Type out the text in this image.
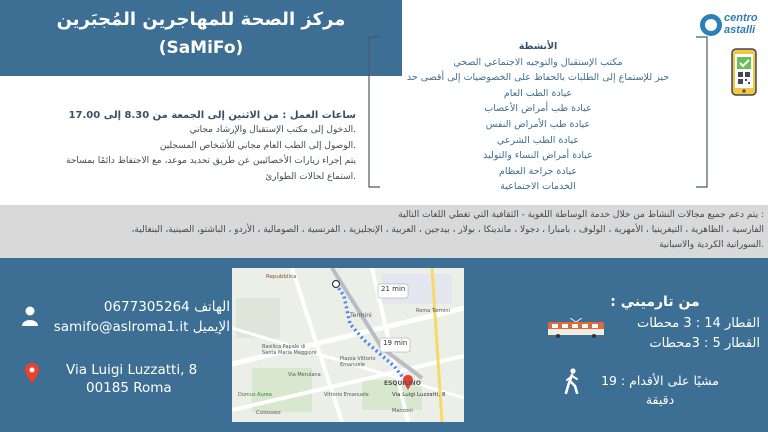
مركز الصحة للمهاجرين المُجبَرين
(SaMiFo)
centro
astalli
الأنشطة
مكتب الإستقبال والتوجيه الاجتماعي الصحي
حيز للإستماع إلى الطلبات بالحفاظ على الخصوصيات إلى أقصى حد
عيادة الطب العام
عيادة طب أمراض الأعصاب
عيادة طب الأمراض النفس
عيادة الطب الشرعي
عيادة أمراض النساء والتوليد
عيادة جراحة العظام
الخدمات الاجتماعية
ساعات العمل : من الاثنين إلى الجمعة من 8.30 إلى 17.00
.الدخول إلى مكتب الإستقبال والإرشاد مجاني
.الوصول إلى الطب العام مجاني للأشخاص المسجلين
يتم إجراء زيارات الأخصائيين عن طريق تحديد موعد، مع الاحتفاظ دائمًا بمساحة
.استماع لحالات الطوارئ
: يتم دعم جميع مجالات النشاط من خلال خدمة الوساطة اللغوية - الثقافية التي تغطي اللغات التالية
الفارسية ، الظاهرية ، التيغرينيا ، الأمهرية ، الولوف ، بامبارا ، دجولا ، ماندينكا ، بولار ، بيدجين ، العربية ، الإنجليزية ، الفرنسية ، الصومالية ، الأردو ، الباشتو، الصينية، البنغالية،
.السورانية الكردية والاسبانية
الهاتف 0677305264
الإيميل samifo@aslroma1.it
Via Luigi Luzzatti, 8
00185 Roma
21 min
19 min
Via Luigi Luzzatti, 8
Repubblica
Termini
Basilica Papale di Santa Maria Maggiore
Piazza Vittorio Emanuele
Vittorio Emanuele
Manzoni
Colosseo
ESQUILINO
Domus Aurea
Via Merulana
Roma Termini
من تارميني :
القطار 14 : 3 محطات
القطار 5 : 3محطات
مشيًا على الأقدام : 19
دقيقة
